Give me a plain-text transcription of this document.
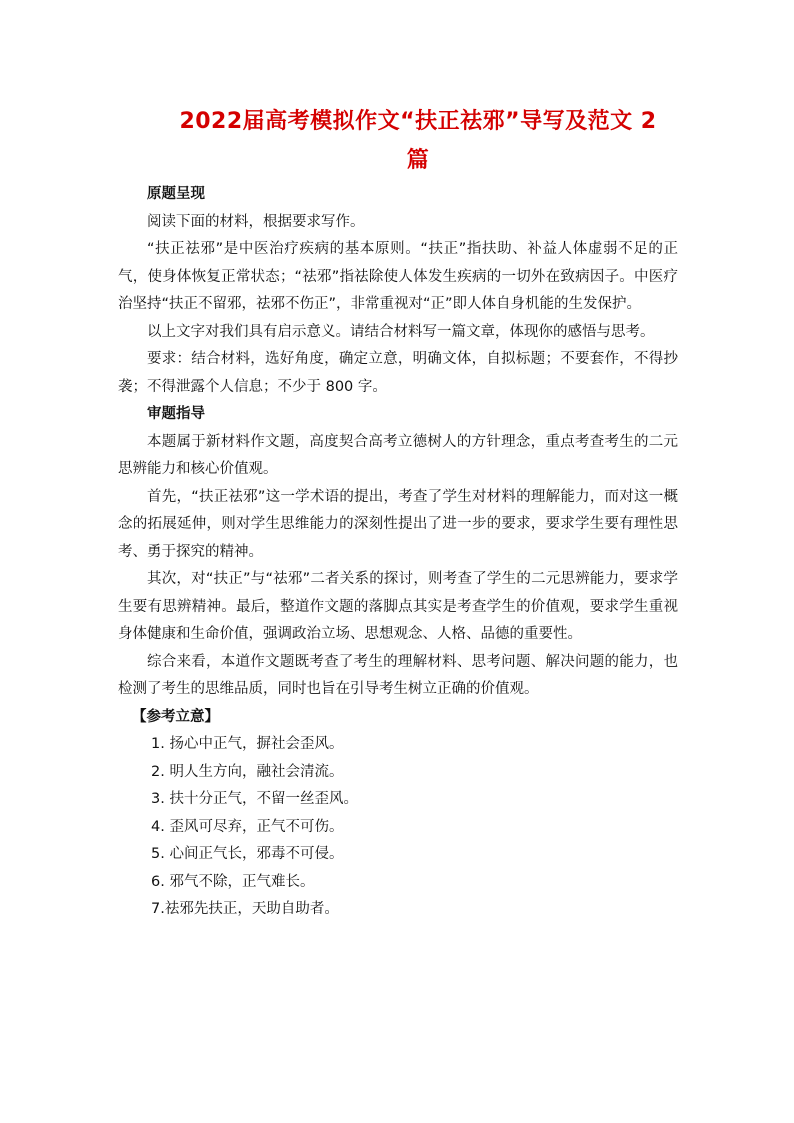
2022届高考模拟作文“扶正祛邪”导写及范文 2
篇

原题呈现

阅读下面的材料，根据要求写作。

“扶正祛邪”是中医治疗疾病的基本原则。“扶正”指扶助、补益人体虚弱不足的正气，使身体恢复正常状态；“祛邪”指祛除使人体发生疾病的一切外在致病因子。中医疗治坚持“扶正不留邪，祛邪不伤正”，非常重视对“正”即人体自身机能的生发保护。

以上文字对我们具有启示意义。请结合材料写一篇文章，体现你的感悟与思考。

要求：结合材料，选好角度，确定立意，明确文体，自拟标题；不要套作，不得抄袭；不得泄露个人信息；不少于 800 字。

审题指导

本题属于新材料作文题，高度契合高考立德树人的方针理念，重点考查考生的二元思辨能力和核心价值观。

首先，“扶正祛邪”这一学术语的提出，考查了学生对材料的理解能力，而对这一概念的拓展延伸，则对学生思维能力的深刻性提出了进一步的要求，要求学生要有理性思考、勇于探究的精神。

其次，对“扶正”与“祛邪”二者关系的探讨，则考查了学生的二元思辨能力，要求学生要有思辨精神。最后，整道作文题的落脚点其实是考查学生的价值观，要求学生重视身体健康和生命价值，强调政治立场、思想观念、人格、品德的重要性。

综合来看，本道作文题既考查了考生的理解材料、思考问题、解决问题的能力，也检测了考生的思维品质，同时也旨在引导考生树立正确的价值观。

【参考立意】

1. 扬心中正气，摒社会歪风。

2. 明人生方向，融社会清流。

3. 扶十分正气，不留一丝歪风。

4. 歪风可尽弃，正气不可伤。

5. 心间正气长，邪毒不可侵。

6. 邪气不除，正气难长。

7.祛邪先扶正，天助自助者。
